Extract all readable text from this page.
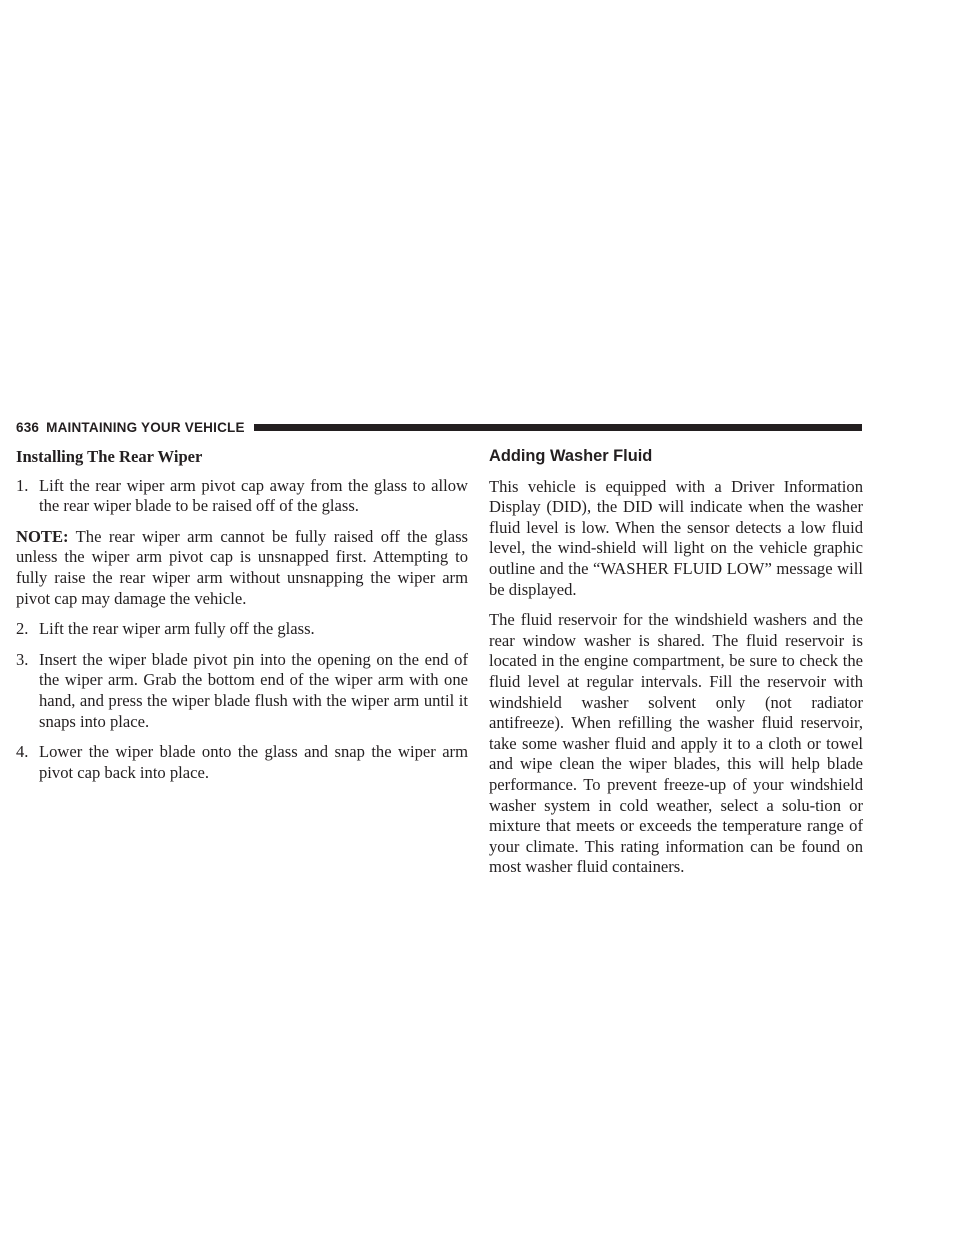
636 MAINTAINING YOUR VEHICLE
Installing The Rear Wiper
1. Lift the rear wiper arm pivot cap away from the glass to allow the rear wiper blade to be raised off of the glass.

NOTE: The rear wiper arm cannot be fully raised off the glass unless the wiper arm pivot cap is unsnapped first. Attempting to fully raise the rear wiper arm without unsnapping the wiper arm pivot cap may damage the vehicle.

2. Lift the rear wiper arm fully off the glass.
3. Insert the wiper blade pivot pin into the opening on the end of the wiper arm. Grab the bottom end of the wiper arm with one hand, and press the wiper blade flush with the wiper arm until it snaps into place.
4. Lower the wiper blade onto the glass and snap the wiper arm pivot cap back into place.
Adding Washer Fluid

This vehicle is equipped with a Driver Information Display (DID), the DID will indicate when the washer fluid level is low. When the sensor detects a low fluid level, the wind-shield will light on the vehicle graphic outline and the “WASHER FLUID LOW” message will be displayed.

The fluid reservoir for the windshield washers and the rear window washer is shared. The fluid reservoir is located in the engine compartment, be sure to check the fluid level at regular intervals. Fill the reservoir with windshield washer solvent only (not radiator antifreeze). When refilling the washer fluid reservoir, take some washer fluid and apply it to a cloth or towel and wipe clean the wiper blades, this will help blade performance. To prevent freeze-up of your windshield washer system in cold weather, select a solu-tion or mixture that meets or exceeds the temperature range of your climate. This rating information can be found on most washer fluid containers.
